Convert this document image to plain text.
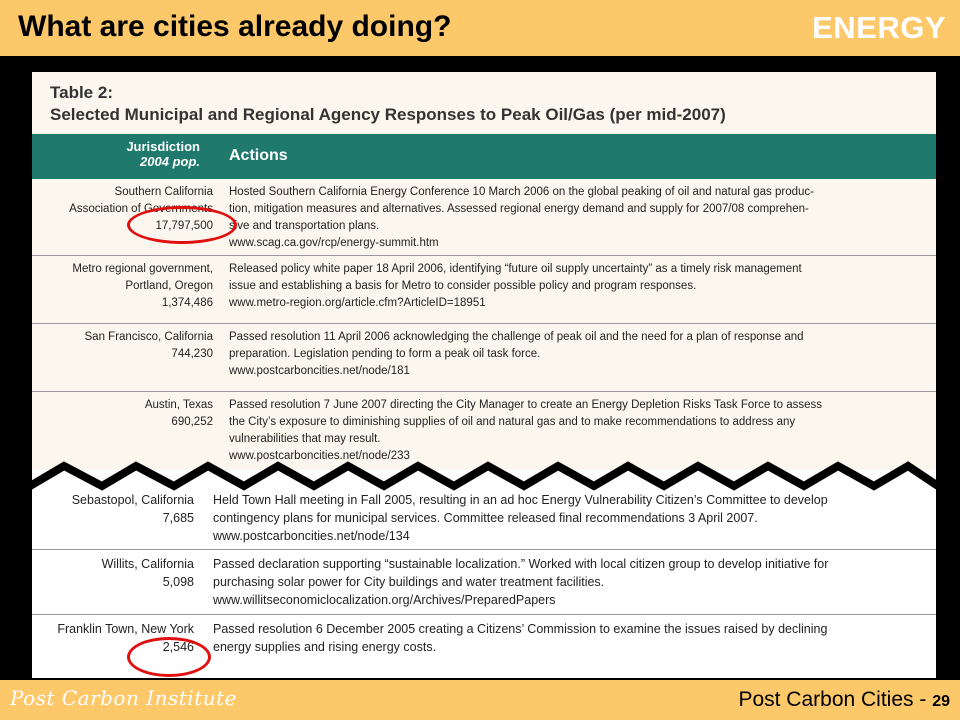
What are cities already doing?	ENERGY
Table 2:
Selected Municipal and Regional Agency Responses to Peak Oil/Gas (per mid-2007)
Jurisdiction
2004 pop. Actions
Southern California
Association of Governments
17,797,500
Hosted Southern California Energy Conference 10 March 2006 on the global peaking of oil and natural gas produc-
tion, mitigation measures and alternatives. Assessed regional energy demand and supply for 2007/08 comprehen-
sive and transportation plans.
www.scag.ca.gov/rcp/energy-summit.htm
Metro regional government,
Portland, Oregon
1,374,486
Released policy white paper 18 April 2006, identifying “future oil supply uncertainty” as a timely risk management
issue and establishing a basis for Metro to consider possible policy and program responses.
www.metro-region.org/article.cfm?ArticleID=18951
San Francisco, California
744,230
Passed resolution 11 April 2006 acknowledging the challenge of peak oil and the need for a plan of response and
preparation. Legislation pending to form a peak oil task force.
www.postcarboncities.net/node/181
Austin, Texas
690,252
Passed resolution 7 June 2007 directing the City Manager to create an Energy Depletion Risks Task Force to assess
the City’s exposure to diminishing supplies of oil and natural gas and to make recommendations to address any
vulnerabilities that may result.
www.postcarboncities.net/node/233
Sebastopol, California
7,685
Held Town Hall meeting in Fall 2005, resulting in an ad hoc Energy Vulnerability Citizen’s Committee to develop
contingency plans for municipal services. Committee released final recommendations 3 April 2007.
www.postcarboncities.net/node/134
Willits, California
5,098
Passed declaration supporting “sustainable localization.” Worked with local citizen group to develop initiative for
purchasing solar power for City buildings and water treatment facilities.
www.willitseconomiclocalization.org/Archives/PreparedPapers
Franklin Town, New York
2,546
Passed resolution 6 December 2005 creating a Citizens’ Commission to examine the issues raised by declining
energy supplies and rising energy costs.
Post Carbon Institute	Post Carbon Cities - 29
